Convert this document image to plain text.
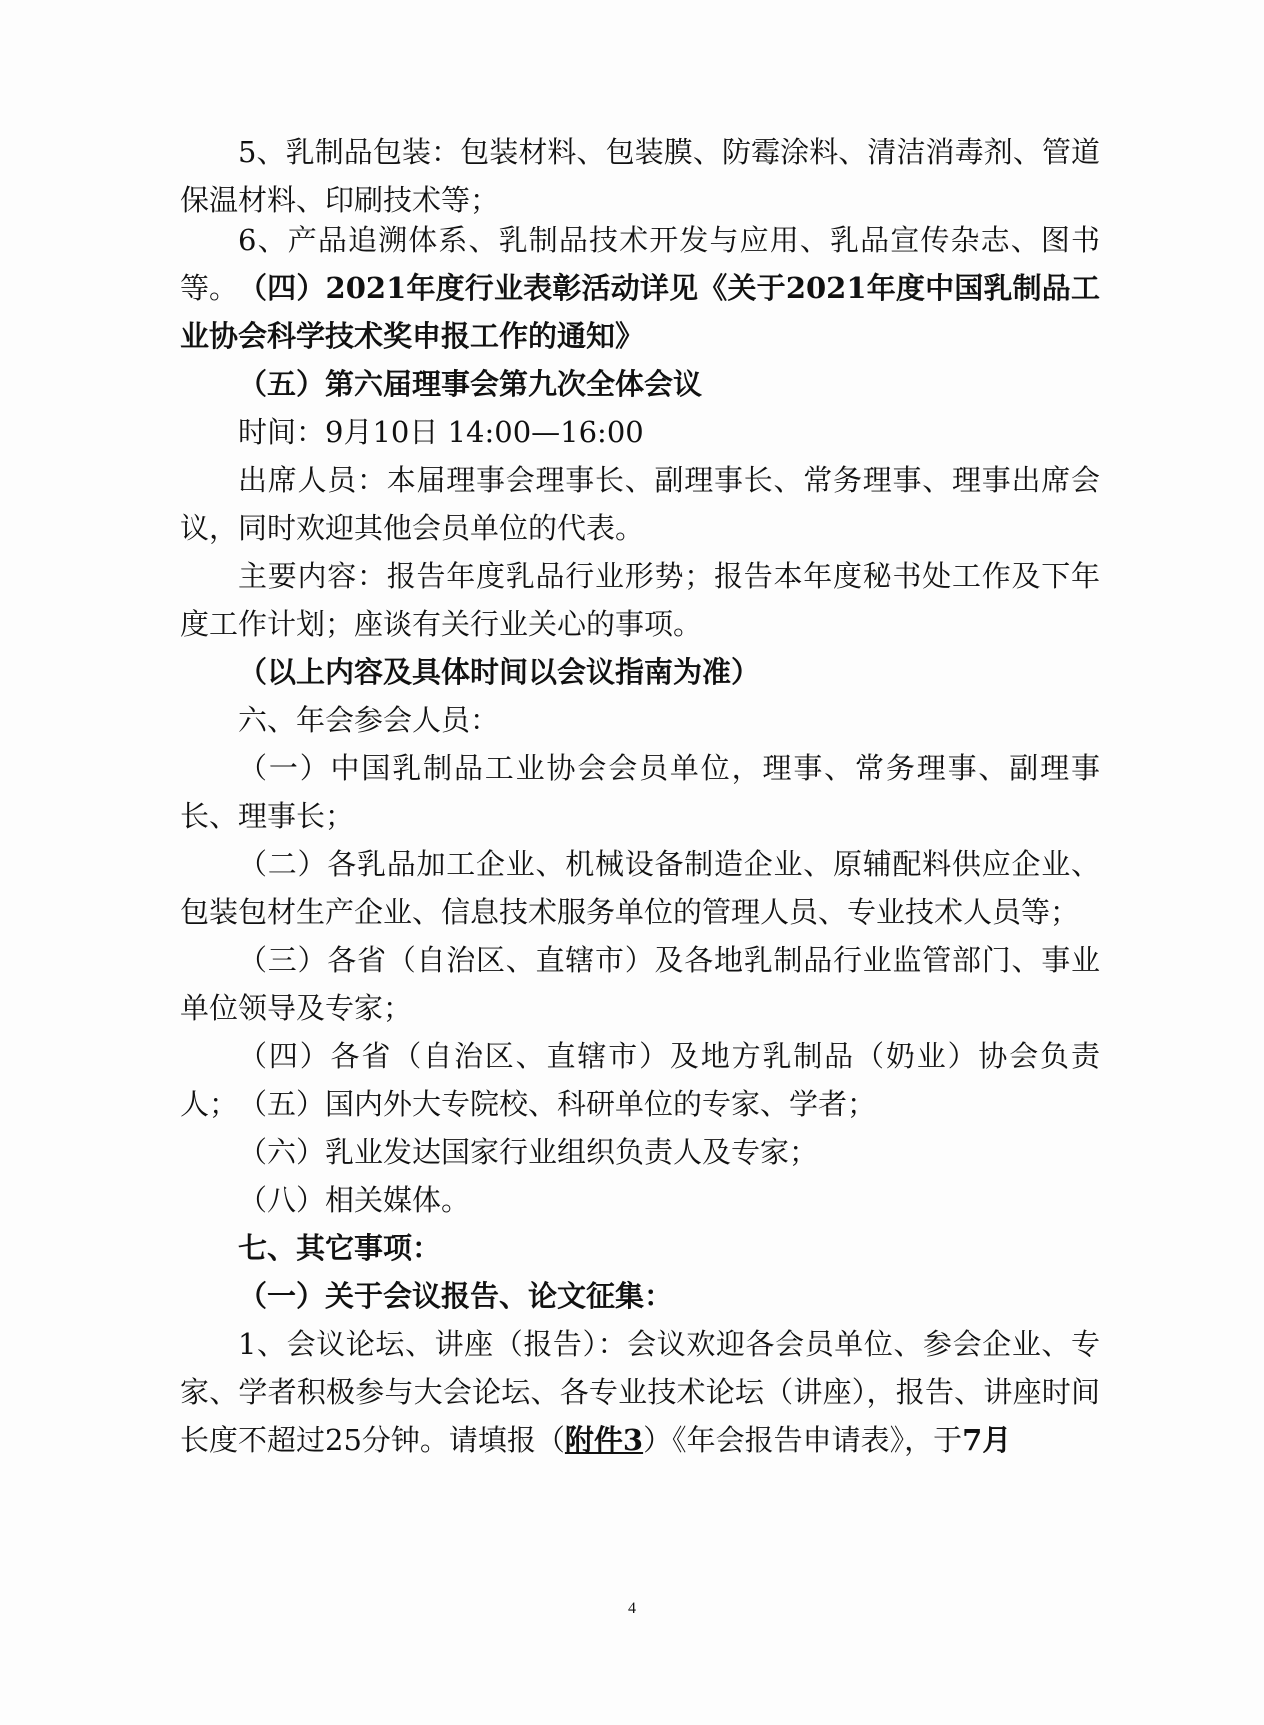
5、乳制品包装：包装材料、包装膜、防霉涂料、清洁消毒剂、管道保温材料、印刷技术等；

6、产品追溯体系、乳制品技术开发与应用、乳品宣传杂志、图书等。 （四）2021年度行业表彰活动详见《关于2021年度中国乳制品工业协会科学技术奖申报工作的通知》

（五）第六届理事会第九次全体会议

时间：9月10日 14:00—16:00

出席人员：本届理事会理事长、副理事长、常务理事、理事出席会议，同时欢迎其他会员单位的代表。

主要内容：报告年度乳品行业形势；报告本年度秘书处工作及下年度工作计划；座谈有关行业关心的事项。

（以上内容及具体时间以会议指南为准）

六、年会参会人员：

（一）中国乳制品工业协会会员单位，理事、常务理事、副理事长、理事长；

（二）各乳品加工企业、机械设备制造企业、原辅配料供应企业、包装包材生产企业、信息技术服务单位的管理人员、专业技术人员等；

（三）各省（自治区、直辖市）及各地乳制品行业监管部门、事业单位领导及专家；

（四）各省（自治区、直辖市）及地方乳制品（奶业）协会负责人； （五）国内外大专院校、科研单位的专家、学者；

（六）乳业发达国家行业组织负责人及专家；

（八）相关媒体。

七、其它事项：

（一）关于会议报告、论文征集：

1、会议论坛、讲座（报告）：会议欢迎各会员单位、参会企业、专家、学者积极参与大会论坛、各专业技术论坛（讲座），报告、讲座时间长度不超过25分钟。请填报（附件3）《年会报告申请表》，于7月

4
